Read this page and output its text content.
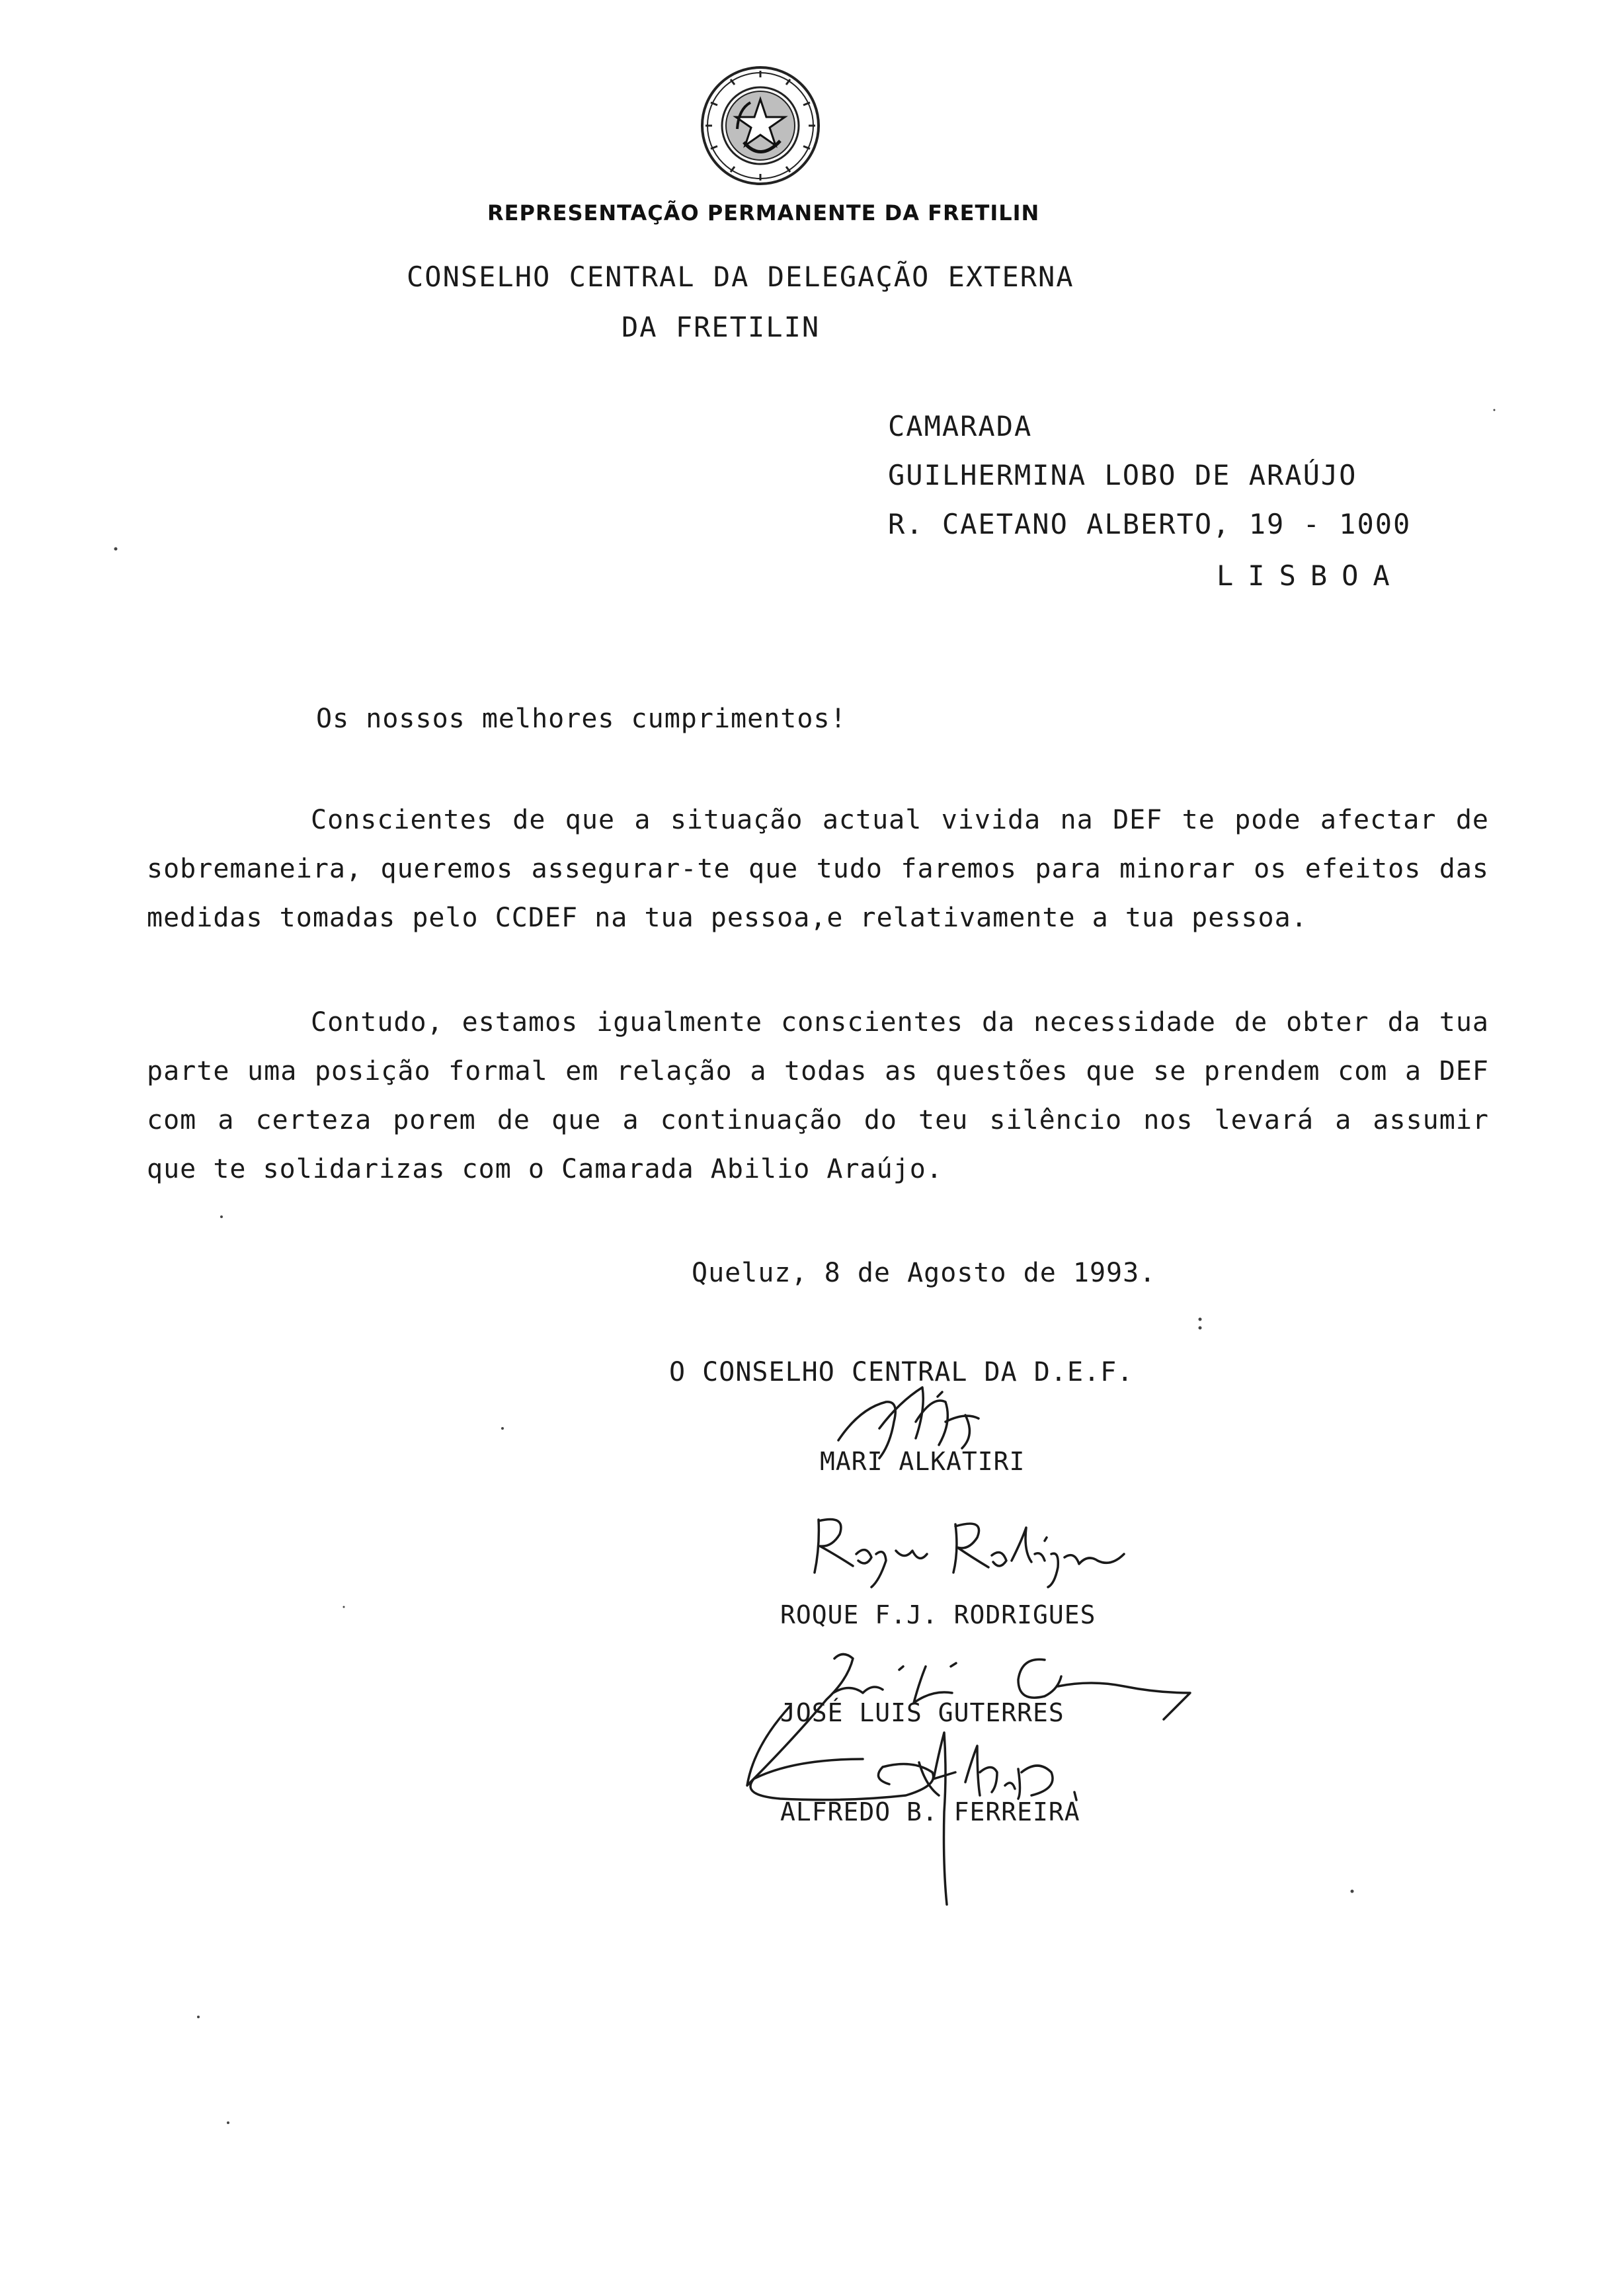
REPRESENTAÇÃO PERMANENTE DA FRETILIN
CONSELHO CENTRAL DA DELEGAÇÃO EXTERNA
DA FRETILIN
CAMARADA
GUILHERMINA LOBO DE ARAÚJO
R. CAETANO ALBERTO, 19 - 1000
LISBOA
Os nossos melhores cumprimentos!
Conscientes de que a situação actual vivida na DEF te pode afectar de sobremaneira, queremos assegurar-te que tudo faremos para minorar os efeitos das medidas tomadas pelo CCDEF na tua pessoa,e relativamente a tua pessoa.
Contudo, estamos igualmente conscientes da necessidade de obter da tua parte uma posição formal em relação a todas as questões que se prendem com a DEF com a certeza porem de que a continuação do teu silêncio nos levará a assumir que te solidarizas com o Camarada Abilio Araújo.
Queluz, 8 de Agosto de 1993.
O CONSELHO CENTRAL DA D.E.F.
MARI ALKATIRI
ROQUE F.J. RODRIGUES
JOSÉ LUIS GUTERRES
ALFREDO B. FERREIRA
